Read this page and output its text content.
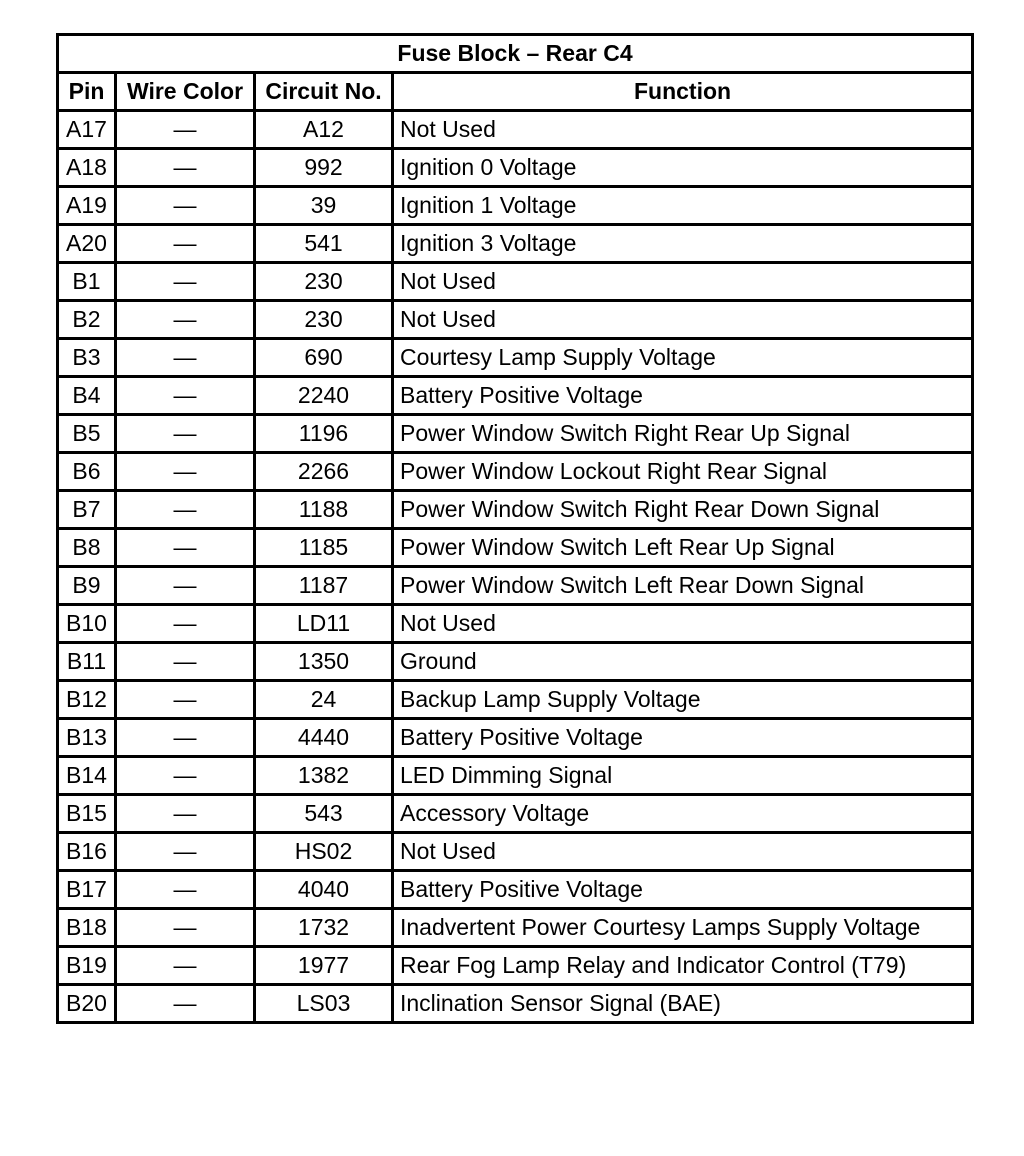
Fuse Block – Rear C4			
Pin	Wire Color	Circuit No.	Function
A17	—	A12	Not Used
A18	—	992	Ignition 0 Voltage
A19	—	39	Ignition 1 Voltage
A20	—	541	Ignition 3 Voltage
B1	—	230	Not Used
B2	—	230	Not Used
B3	—	690	Courtesy Lamp Supply Voltage
B4	—	2240	Battery Positive Voltage
B5	—	1196	Power Window Switch Right Rear Up Signal
B6	—	2266	Power Window Lockout Right Rear Signal
B7	—	1188	Power Window Switch Right Rear Down Signal
B8	—	1185	Power Window Switch Left Rear Up Signal
B9	—	1187	Power Window Switch Left Rear Down Signal
B10	—	LD11	Not Used
B11	—	1350	Ground
B12	—	24	Backup Lamp Supply Voltage
B13	—	4440	Battery Positive Voltage
B14	—	1382	LED Dimming Signal
B15	—	543	Accessory Voltage
B16	—	HS02	Not Used
B17	—	4040	Battery Positive Voltage
B18	—	1732	Inadvertent Power Courtesy Lamps Supply Voltage
B19	—	1977	Rear Fog Lamp Relay and Indicator Control (T79)
B20	—	LS03	Inclination Sensor Signal (BAE)
